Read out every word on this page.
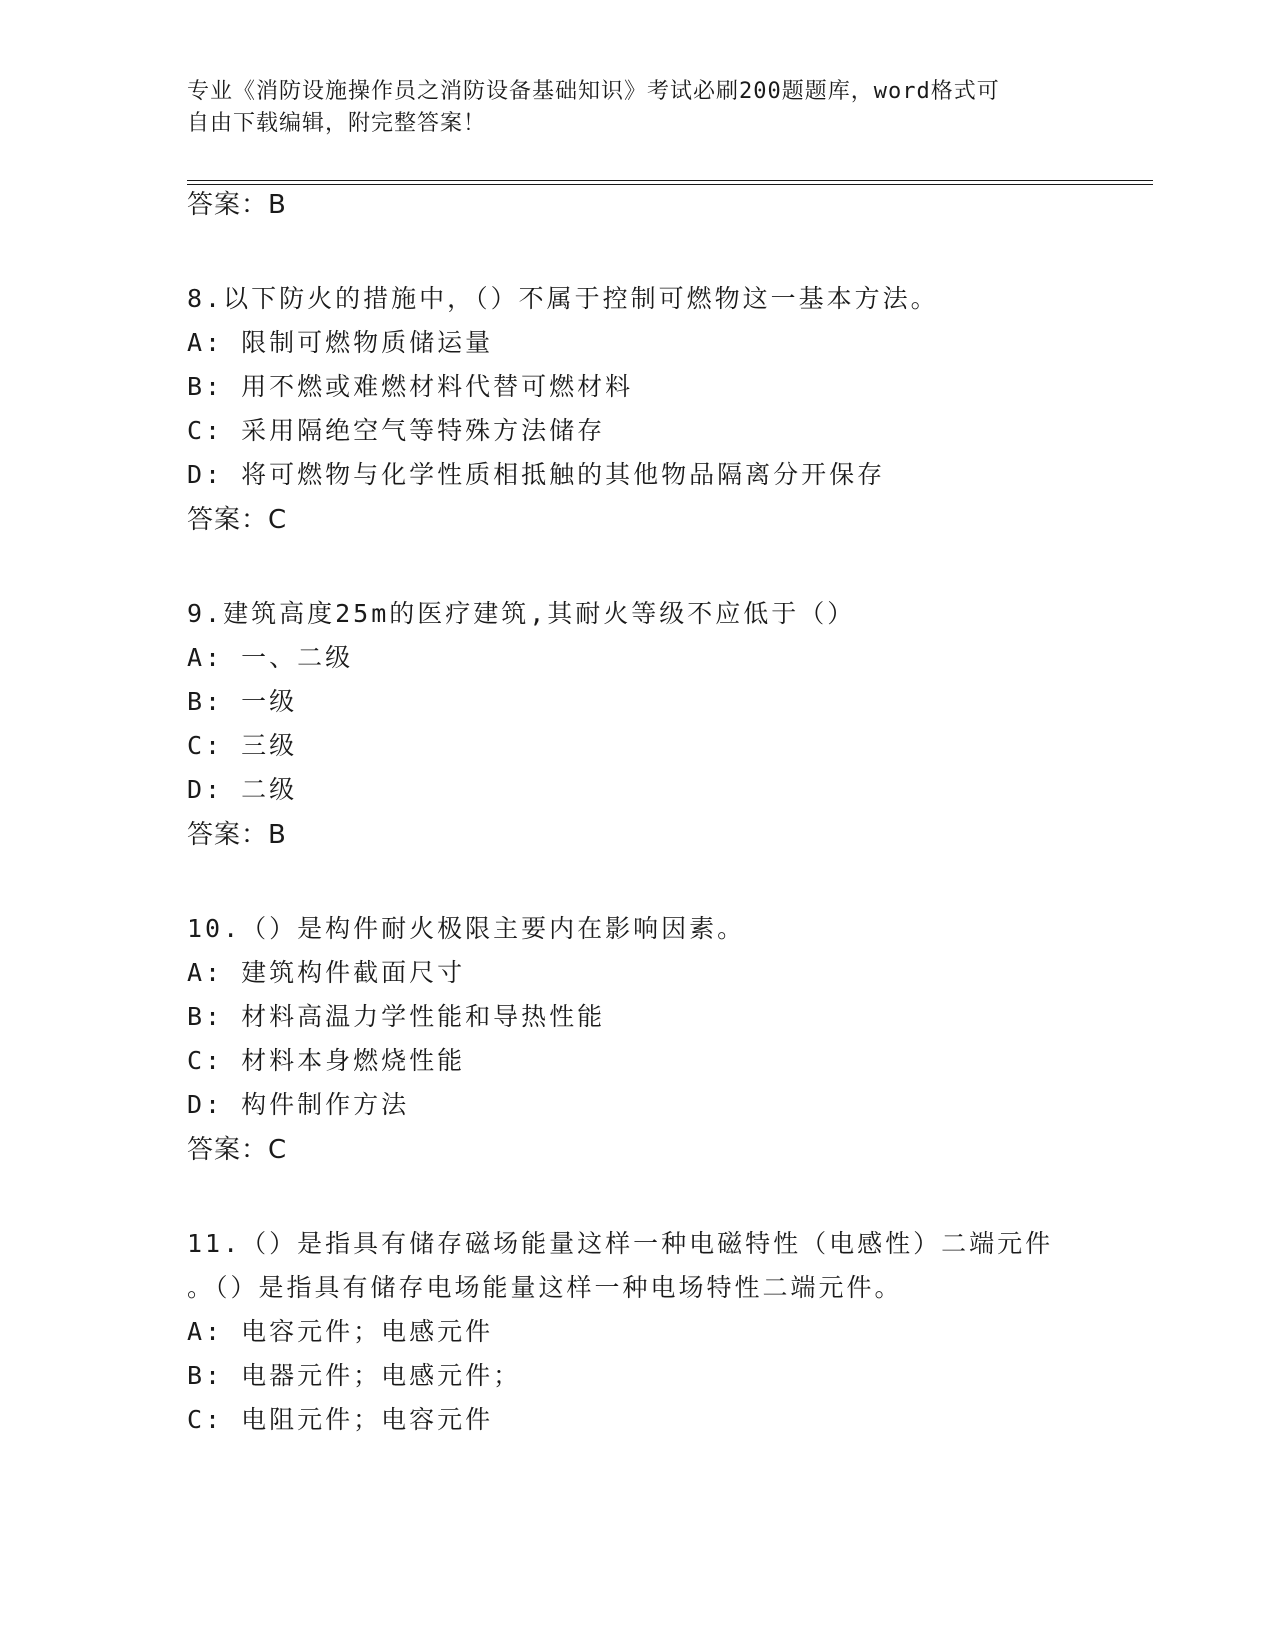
专业《消防设施操作员之消防设备基础知识》考试必刷200题题库，word格式可
自由下载编辑，附完整答案！
答案：B
8.以下防火的措施中，（）不属于控制可燃物这一基本方法。
A: 限制可燃物质储运量
B: 用不燃或难燃材料代替可燃材料
C: 采用隔绝空气等特殊方法储存
D: 将可燃物与化学性质相抵触的其他物品隔离分开保存
答案：C
9.建筑高度25m的医疗建筑,其耐火等级不应低于（）
A: 一、二级
B: 一级
C: 三级
D: 二级
答案：B
10.（）是构件耐火极限主要内在影响因素。
A: 建筑构件截面尺寸
B: 材料高温力学性能和导热性能
C: 材料本身燃烧性能
D: 构件制作方法
答案：C
11.（）是指具有储存磁场能量这样一种电磁特性（电感性）二端元件
。（）是指具有储存电场能量这样一种电场特性二端元件。
A: 电容元件；电感元件
B: 电器元件；电感元件；
C: 电阻元件；电容元件
